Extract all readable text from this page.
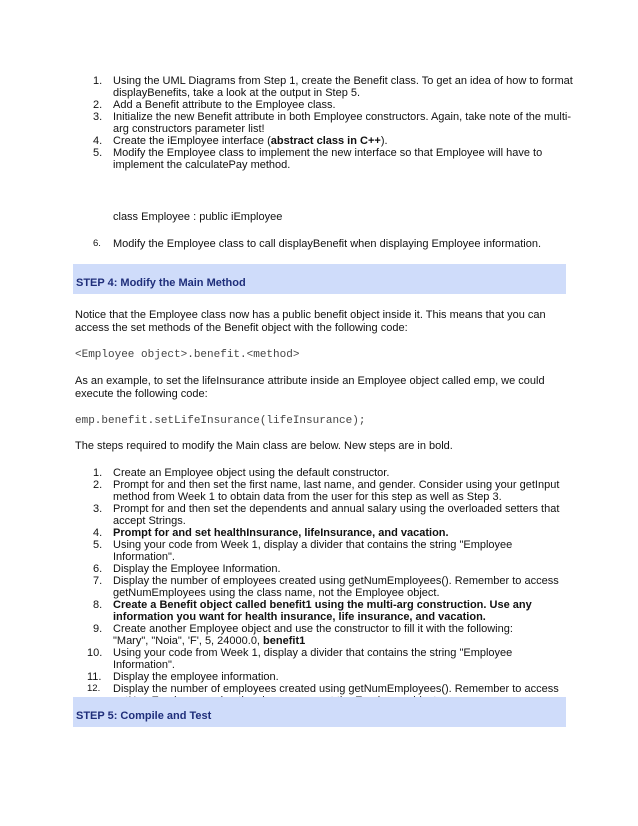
1. Using the UML Diagrams from Step 1, create the Benefit class. To get an idea of how to format displayBenefits, take a look at the output in Step 5.
2. Add a Benefit attribute to the Employee class.
3. Initialize the new Benefit attribute in both Employee constructors. Again, take note of the multi-arg constructors parameter list!
4. Create the iEmployee interface (abstract class in C++).
5. Modify the Employee class to implement the new interface so that Employee will have to implement the calculatePay method.
class Employee : public iEmployee
6. Modify the Employee class to call displayBenefit when displaying Employee information.
STEP 4: Modify the Main Method
Notice that the Employee class now has a public benefit object inside it. This means that you can access the set methods of the Benefit object with the following code:
<Employee object>.benefit.<method>
As an example, to set the lifeInsurance attribute inside an Employee object called emp, we could execute the following code:
emp.benefit.setLifeInsurance(lifeInsurance);
The steps required to modify the Main class are below. New steps are in bold.
1. Create an Employee object using the default constructor.
2. Prompt for and then set the first name, last name, and gender. Consider using your getInput method from Week 1 to obtain data from the user for this step as well as Step 3.
3. Prompt for and then set the dependents and annual salary using the overloaded setters that accept Strings.
4. Prompt for and set healthInsurance, lifeInsurance, and vacation.
5. Using your code from Week 1, display a divider that contains the string "Employee Information".
6. Display the Employee Information.
7. Display the number of employees created using getNumEmployees(). Remember to access getNumEmployees using the class name, not the Employee object.
8. Create a Benefit object called benefit1 using the multi-arg construction. Use any information you want for health insurance, life insurance, and vacation.
9. Create another Employee object and use the constructor to fill it with the following:
"Mary", "Noia", 'F', 5, 24000.0, benefit1
10. Using your code from Week 1, display a divider that contains the string "Employee Information".
11. Display the employee information.
12. Display the number of employees created using getNumEmployees(). Remember to access
STEP 5: Compile and Test
